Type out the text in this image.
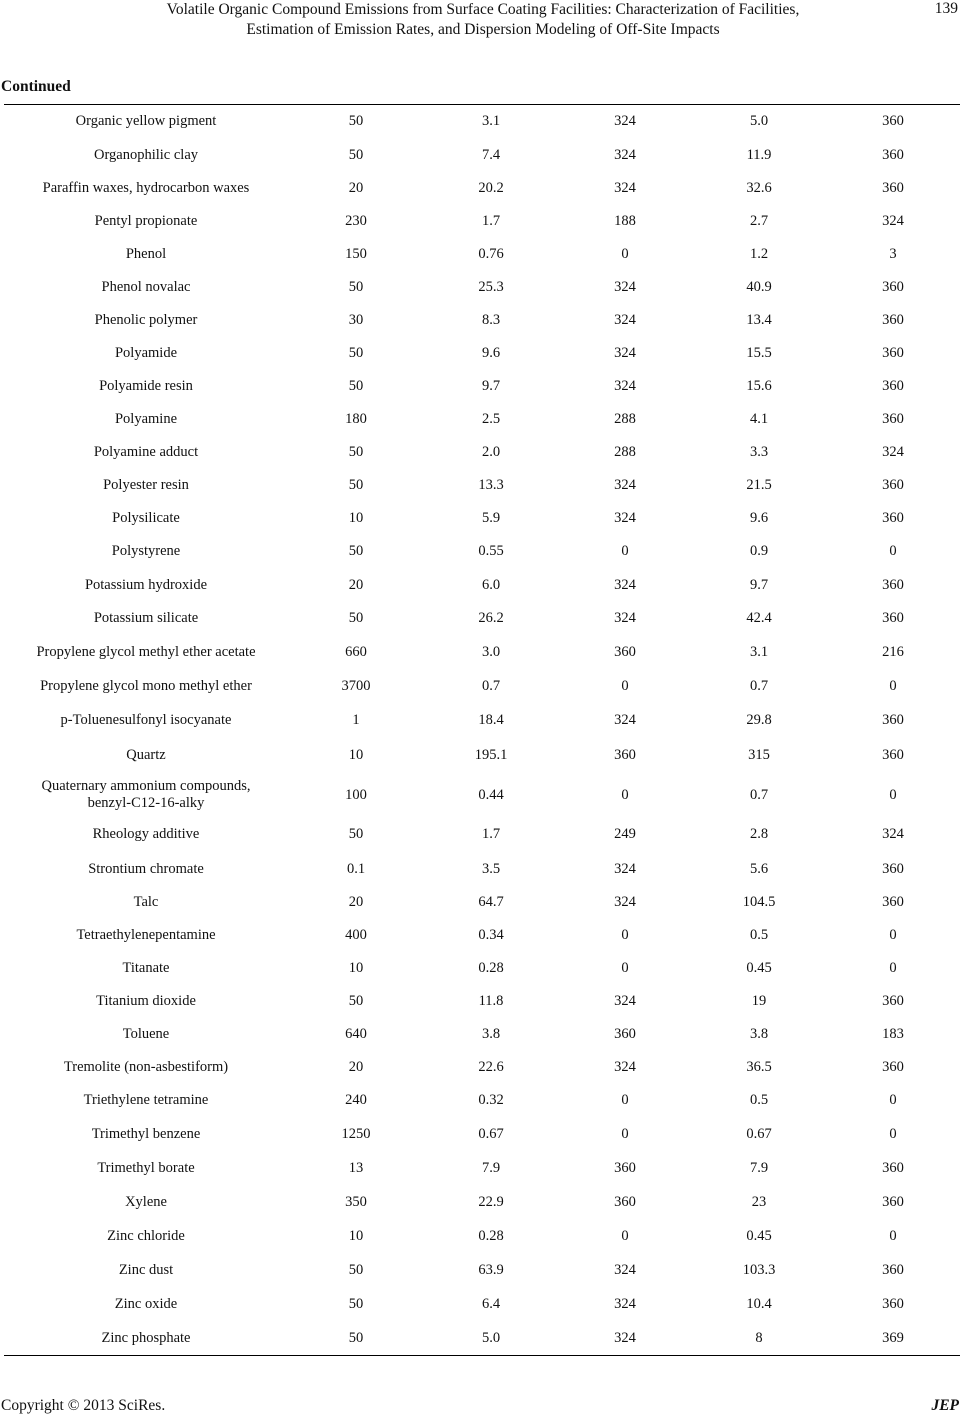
Volatile Organic Compound Emissions from Surface Coating Facilities: Characterization of Facilities,
Estimation of Emission Rates, and Dispersion Modeling of Off-Site Impacts
139
Continued
Organic yellow pigment	50	3.1	324	5.0	360
Organophilic clay	50	7.4	324	11.9	360
Paraffin waxes, hydrocarbon waxes	20	20.2	324	32.6	360
Pentyl propionate	230	1.7	188	2.7	324
Phenol	150	0.76	0	1.2	3
Phenol novalac	50	25.3	324	40.9	360
Phenolic polymer	30	8.3	324	13.4	360
Polyamide	50	9.6	324	15.5	360
Polyamide resin	50	9.7	324	15.6	360
Polyamine	180	2.5	288	4.1	360
Polyamine adduct	50	2.0	288	3.3	324
Polyester resin	50	13.3	324	21.5	360
Polysilicate	10	5.9	324	9.6	360
Polystyrene	50	0.55	0	0.9	0
Potassium hydroxide	20	6.0	324	9.7	360
Potassium silicate	50	26.2	324	42.4	360
Propylene glycol methyl ether acetate	660	3.0	360	3.1	216
Propylene glycol mono methyl ether	3700	0.7	0	0.7	0
p-Toluenesulfonyl isocyanate	1	18.4	324	29.8	360
Quartz	10	195.1	360	315	360
Quaternary ammonium compounds,
benzyl-C12-16-alky
100	0.44	0	0.7	0
Rheology additive	50	1.7	249	2.8	324
Strontium chromate	0.1	3.5	324	5.6	360
Talc	20	64.7	324	104.5	360
Tetraethylenepentamine	400	0.34	0	0.5	0
Titanate	10	0.28	0	0.45	0
Titanium dioxide	50	11.8	324	19	360
Toluene	640	3.8	360	3.8	183
Tremolite (non-asbestiform)	20	22.6	324	36.5	360
Triethylene tetramine	240	0.32	0	0.5	0
Trimethyl benzene	1250	0.67	0	0.67	0
Trimethyl borate	13	7.9	360	7.9	360
Xylene	350	22.9	360	23	360
Zinc chloride	10	0.28	0	0.45	0
Zinc dust	50	63.9	324	103.3	360
Zinc oxide	50	6.4	324	10.4	360
Zinc phosphate	50	5.0	324	8	369
Copyright © 2013 SciRes.	JEP
